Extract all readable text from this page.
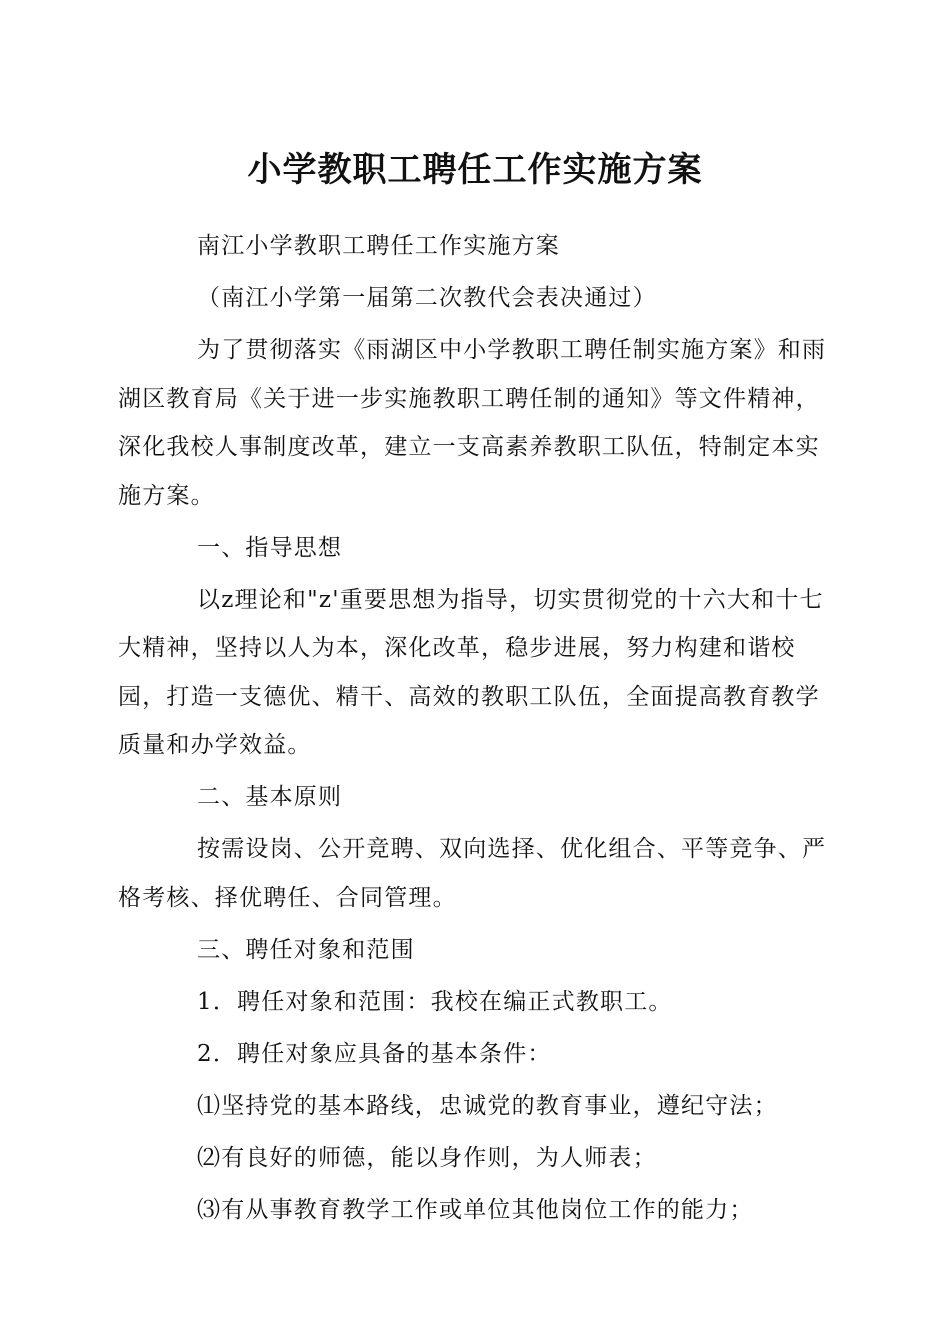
小学教职工聘任工作实施方案

南江小学教职工聘任工作实施方案

（南江小学第一届第二次教代会表决通过）

为了贯彻落实《雨湖区中小学教职工聘任制实施方案》和雨湖区教育局《关于进一步实施教职工聘任制的通知》等文件精神，深化我校人事制度改革，建立一支高素养教职工队伍，特制定本实施方案。

一、指导思想

以z理论和"z'重要思想为指导，切实贯彻党的十六大和十七大精神，坚持以人为本，深化改革，稳步进展，努力构建和谐校园，打造一支德优、精干、高效的教职工队伍，全面提高教育教学质量和办学效益。

二、基本原则

按需设岗、公开竞聘、双向选择、优化组合、平等竞争、严格考核、择优聘任、合同管理。

三、聘任对象和范围

1．聘任对象和范围：我校在编正式教职工。

2．聘任对象应具备的基本条件：

⑴坚持党的基本路线，忠诚党的教育事业，遵纪守法；

⑵有良好的师德，能以身作则，为人师表；

⑶有从事教育教学工作或单位其他岗位工作的能力；
